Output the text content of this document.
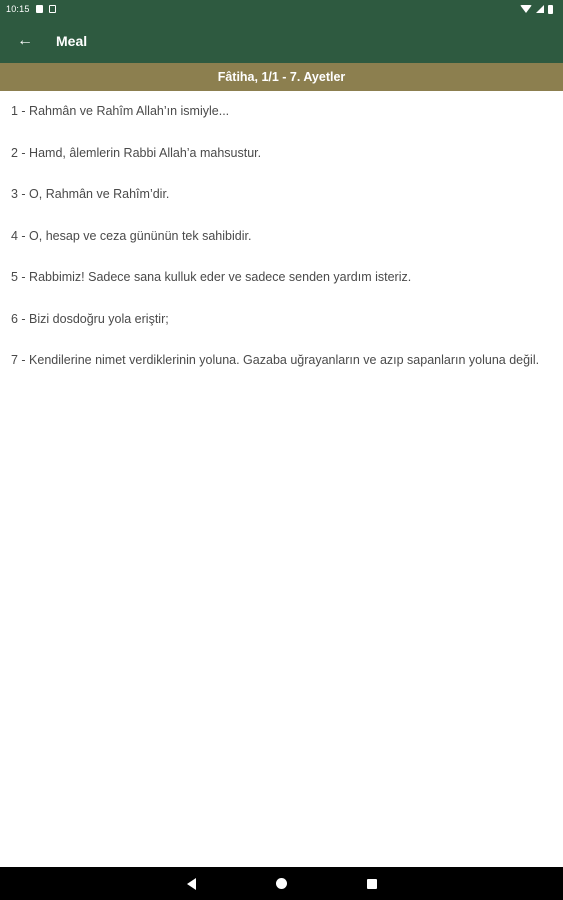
10:15
← Meal
Fâtiha, 1/1 - 7. Ayetler
1 - Rahmân ve Rahîm Allah’ın ismiyle...
2 - Hamd, âlemlerin Rabbi Allah’a mahsustur.
3 - O, Rahmân ve Rahîm’dir.
4 - O, hesap ve ceza gününün tek sahibidir.
5 - Rabbimiz! Sadece sana kulluk eder ve sadece senden yardım isteriz.
6 - Bizi dosdoğru yola eriştir;
7 - Kendilerine nimet verdiklerinin yoluna. Gazaba uğrayanların ve azıp sapanların yoluna değil.
